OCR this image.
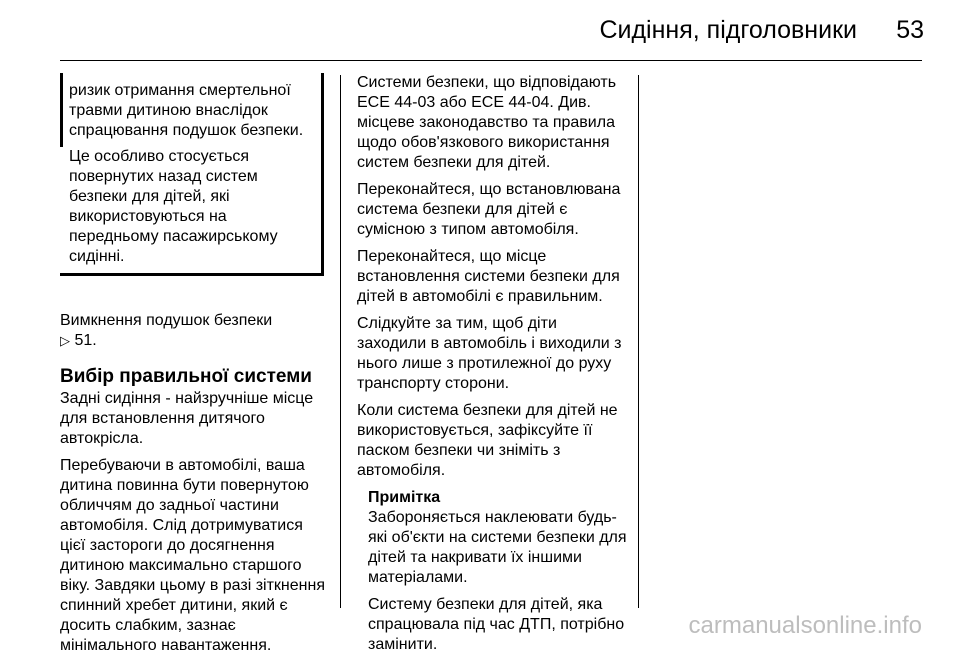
Сидіння, підголовники 53

ризик отримання смертельної
травми дитиною внаслідок
спрацювання подушок безпеки.

Це особливо стосується
повернутих назад систем
безпеки для дітей, які
використовуються на
передньому пасажирському
сидінні.

Вимкнення подушок безпеки
▷ 51.

Вибір правильної системи

Задні сидіння - найзручніше місце
для встановлення дитячого
автокрісла.

Перебуваючи в автомобілі, ваша
дитина повинна бути повернутою
обличчям до задньої частини
автомобіля. Слід дотримуватися
цієї застороги до досягнення
дитиною максимально старшого
віку. Завдяки цьому в разі зіткнення
спинний хребет дитини, який є
досить слабким, зазнає
мінімального навантаження.

Системи безпеки, що відповідають
ECE 44-03 або ECE 44-04. Див.
місцеве законодавство та правила
щодо обов'язкового використання
систем безпеки для дітей.

Переконайтеся, що встановлювана
система безпеки для дітей є
сумісною з типом автомобіля.

Переконайтеся, що місце
встановлення системи безпеки для
дітей в автомобілі є правильним.

Слідкуйте за тим, щоб діти
заходили в автомобіль і виходили з
нього лише з протилежної до руху
транспорту сторони.

Коли система безпеки для дітей не
використовується, зафіксуйте її
паском безпеки чи зніміть з
автомобіля.

Примітка

Забороняється наклеювати будь-
які об'єкти на системи безпеки для
дітей та накривати їх іншими
матеріалами.

Систему безпеки для дітей, яка
спрацювала під час ДТП, потрібно
замінити.

carmanualsonline.info
